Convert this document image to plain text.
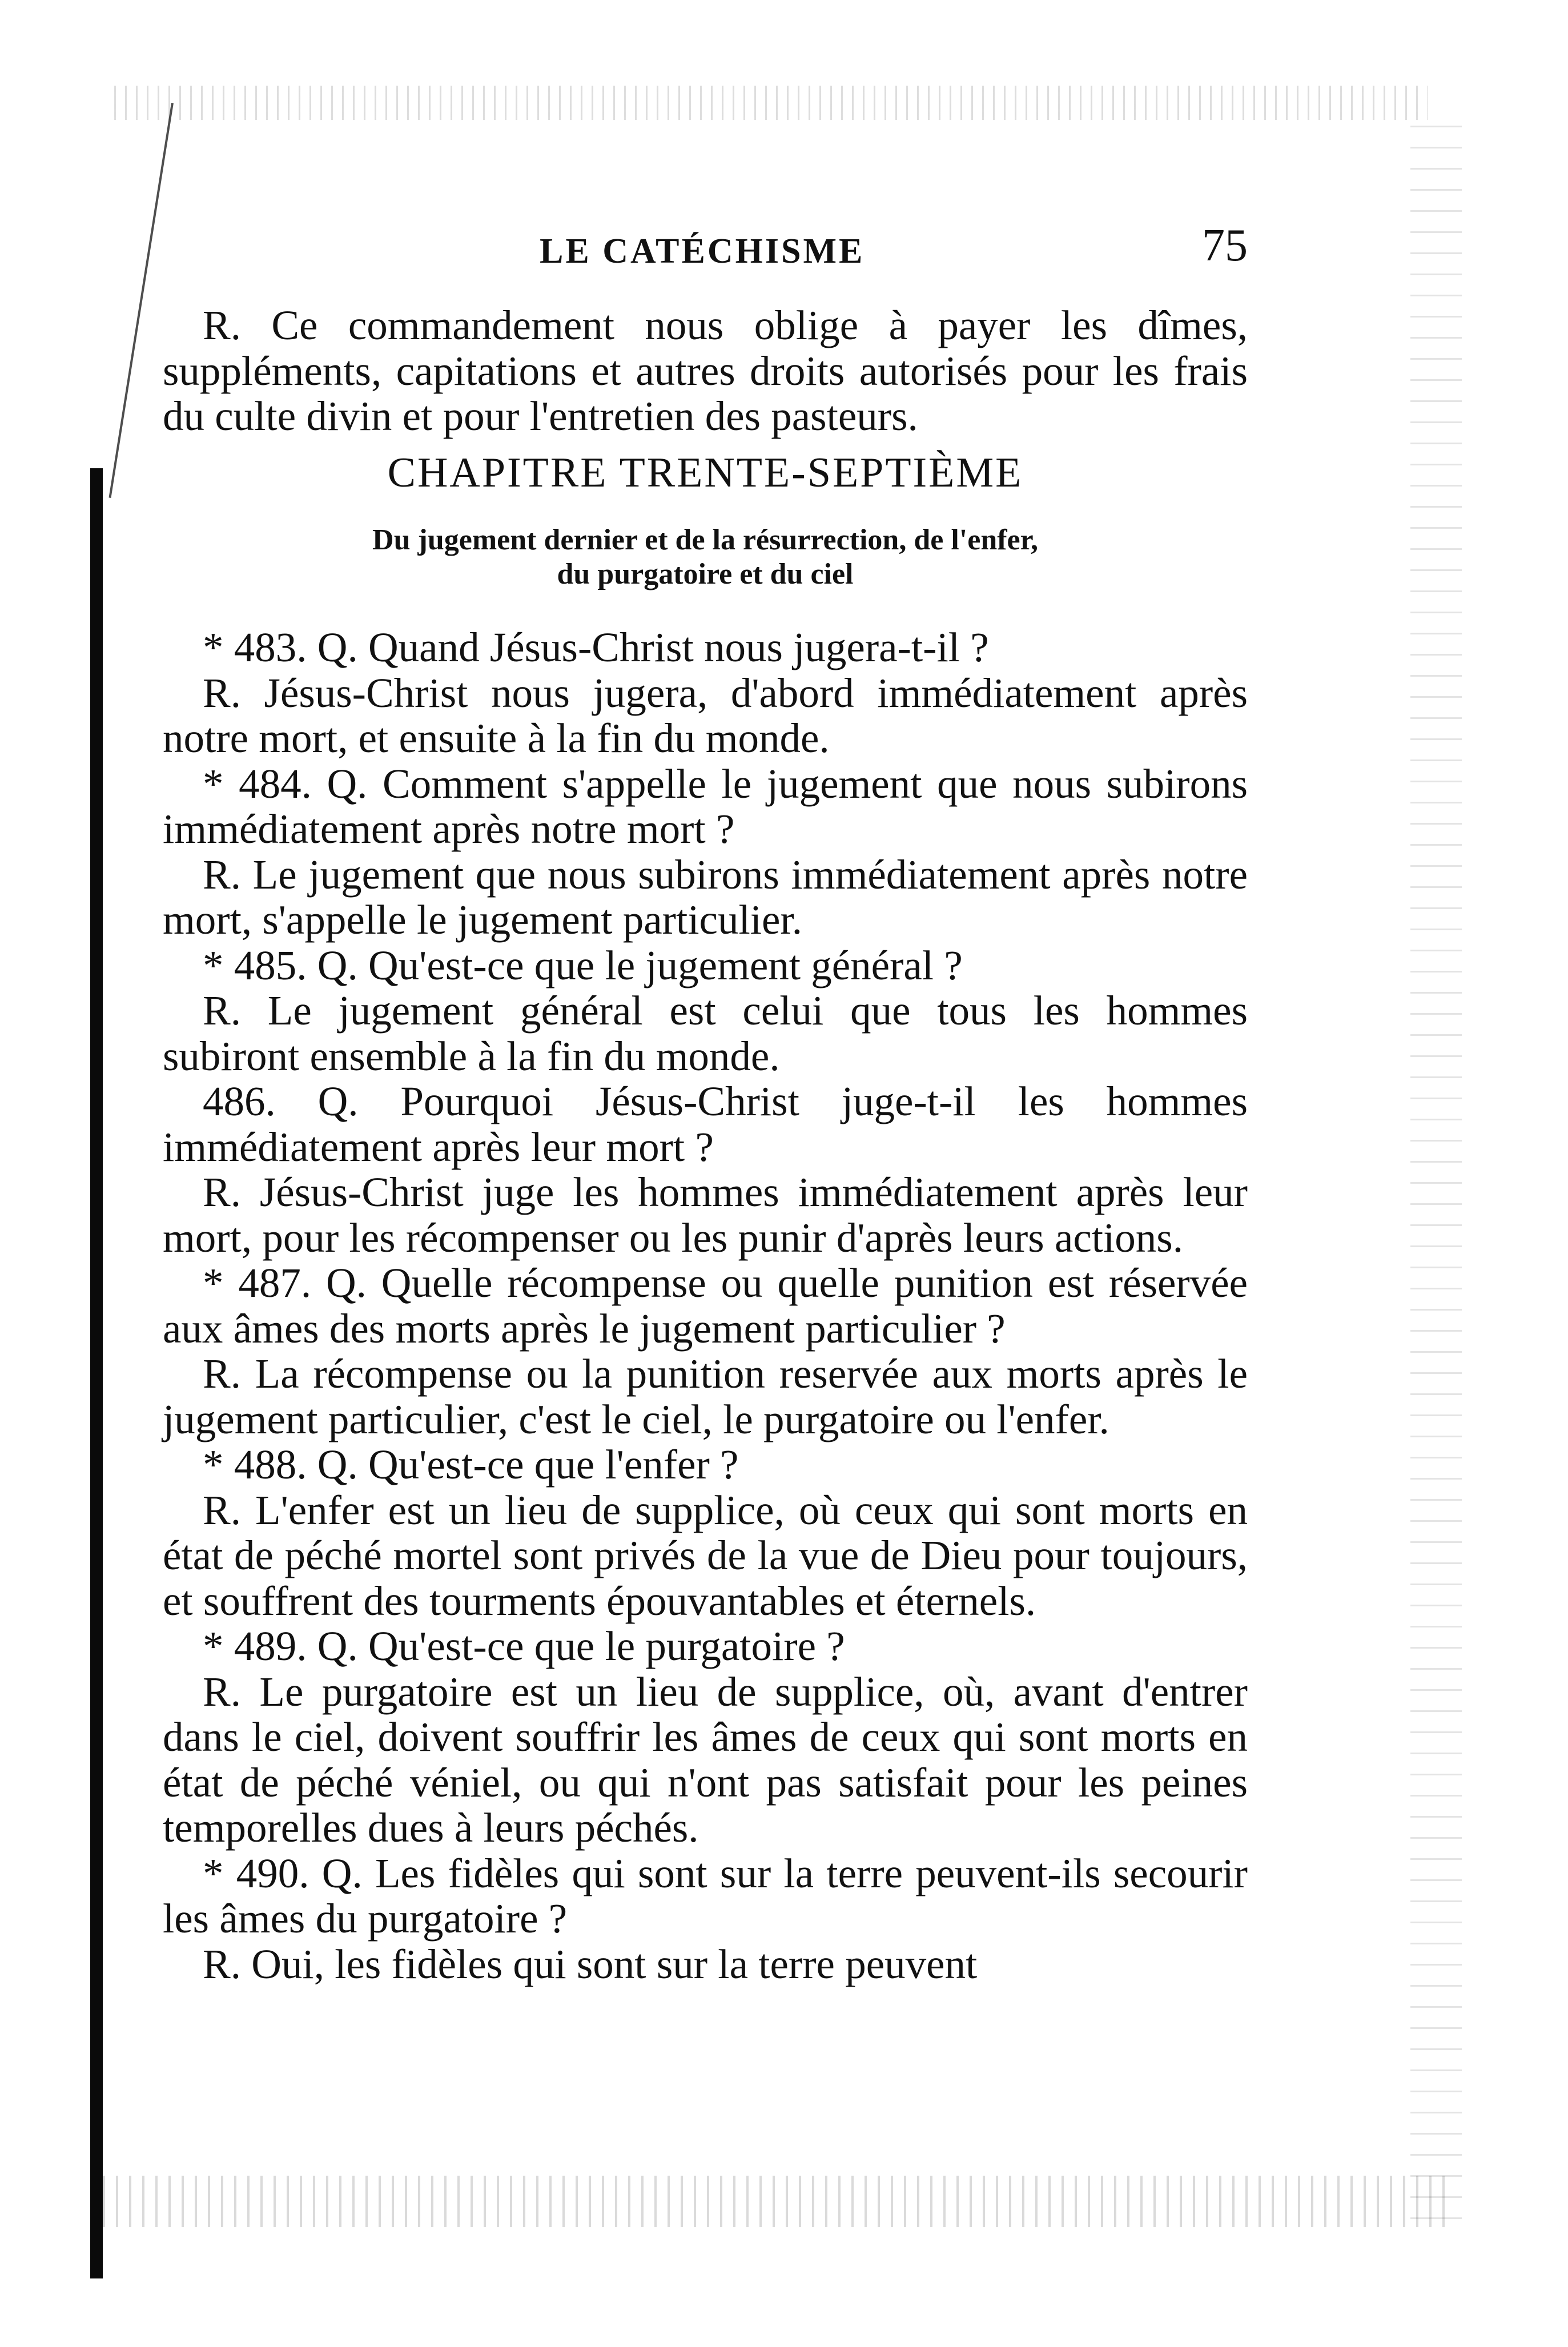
LE CATÉCHISME	75

R. Ce commandement nous oblige à payer les dîmes, suppléments, capitations et autres droits autorisés pour les frais du culte divin et pour l'entretien des pasteurs.

CHAPITRE TRENTE-SEPTIÈME

Du jugement dernier et de la résurrection, de l'enfer,
du purgatoire et du ciel

* 483. Q. Quand Jésus-Christ nous jugera-t-il ?

R. Jésus-Christ nous jugera, d'abord immédiatement après notre mort, et ensuite à la fin du monde.

* 484. Q. Comment s'appelle le jugement que nous subirons immédiatement après notre mort ?

R. Le jugement que nous subirons immédiatement après notre mort, s'appelle le jugement particulier.

* 485. Q. Qu'est-ce que le jugement général ?

R. Le jugement général est celui que tous les hommes subiront ensemble à la fin du monde.

486. Q. Pourquoi Jésus-Christ juge-t-il les hommes immédiatement après leur mort ?

R. Jésus-Christ juge les hommes immédiatement après leur mort, pour les récompenser ou les punir d'après leurs actions.

* 487. Q. Quelle récompense ou quelle punition est réservée aux âmes des morts après le jugement particulier ?

R. La récompense ou la punition reservée aux morts après le jugement particulier, c'est le ciel, le purgatoire ou l'enfer.

* 488. Q. Qu'est-ce que l'enfer ?

R. L'enfer est un lieu de supplice, où ceux qui sont morts en état de péché mortel sont privés de la vue de Dieu pour toujours, et souffrent des tourments épouvantables et éternels.

* 489. Q. Qu'est-ce que le purgatoire ?

R. Le purgatoire est un lieu de supplice, où, avant d'entrer dans le ciel, doivent souffrir les âmes de ceux qui sont morts en état de péché véniel, ou qui n'ont pas satisfait pour les peines temporelles dues à leurs péchés.

* 490. Q. Les fidèles qui sont sur la terre peuvent-ils secourir les âmes du purgatoire ?

R. Oui, les fidèles qui sont sur la terre peuvent
